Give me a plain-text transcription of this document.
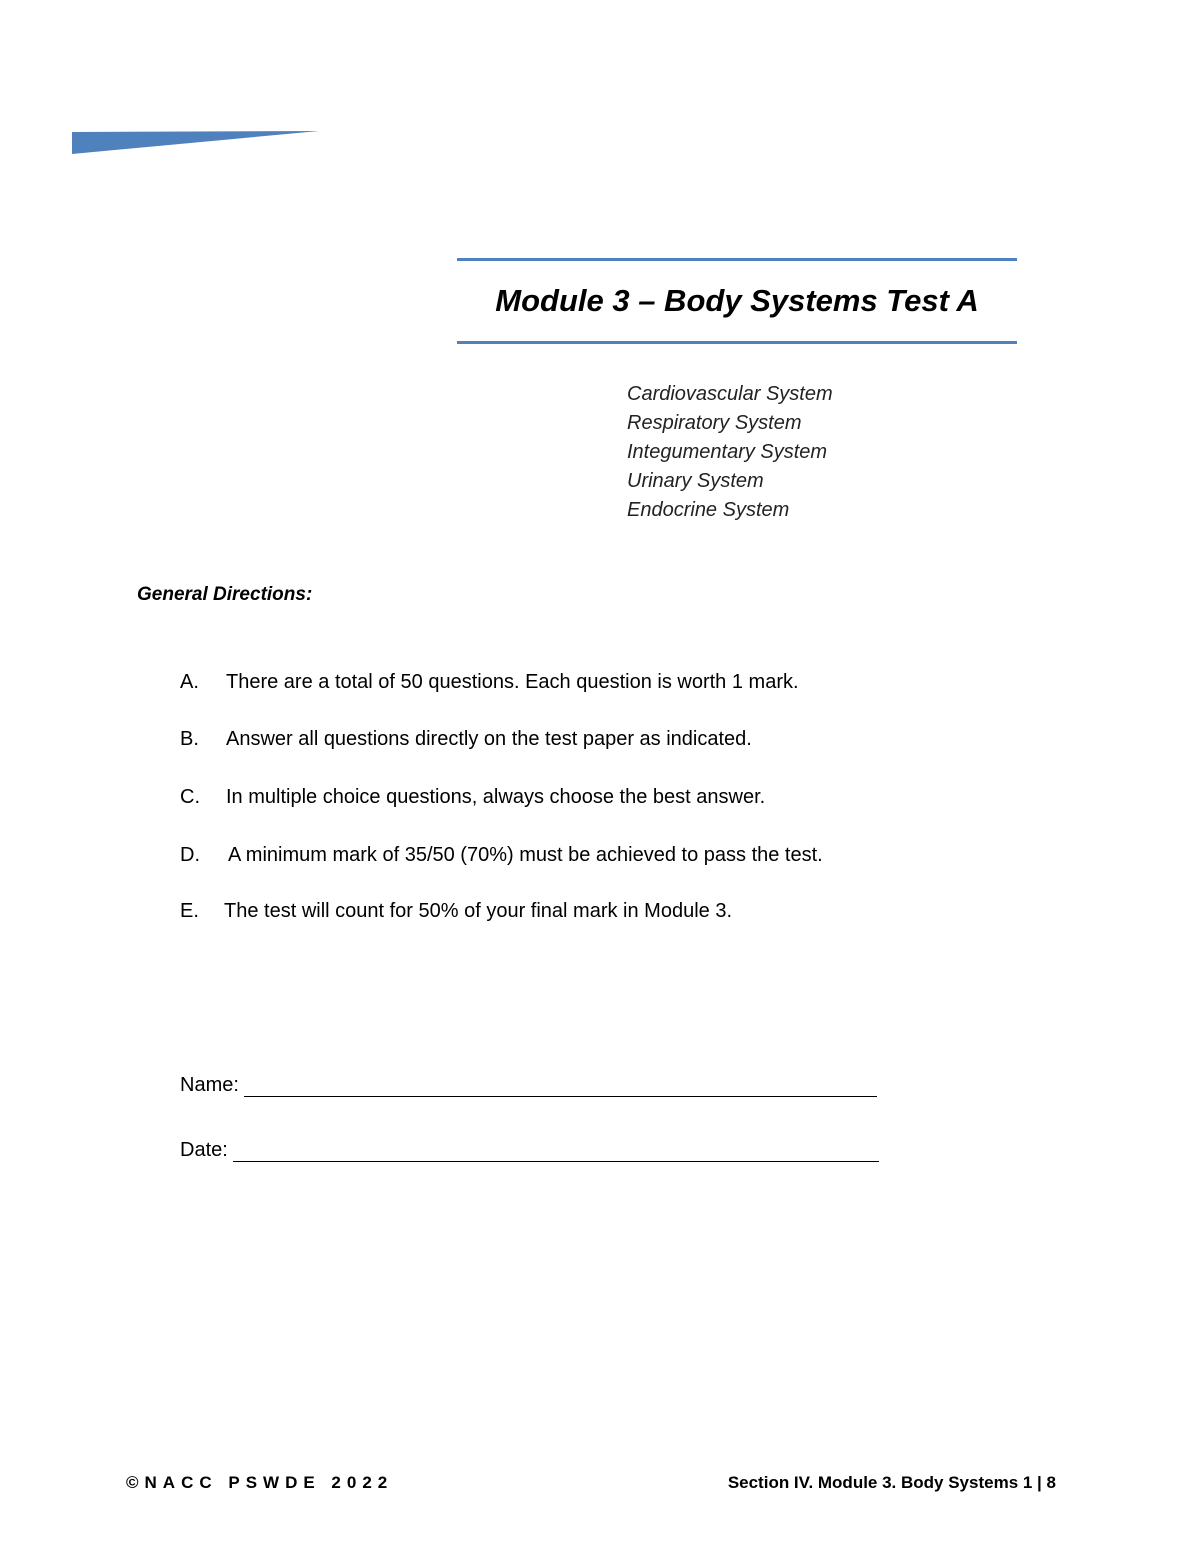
Module 3 – Body Systems Test A
Cardiovascular System
Respiratory System
Integumentary System
Urinary System
Endocrine System
General Directions:
A. There are a total of 50 questions. Each question is worth 1 mark.
B. Answer all questions directly on the test paper as indicated.
C. In multiple choice questions, always choose the best answer.
D. A minimum mark of 35/50 (70%) must be achieved to pass the test.
E. The test will count for 50% of your final mark in Module 3.
Name:
Date:
©NACC PSWDE 2022	Section IV. Module 3. Body Systems 1 | 8
